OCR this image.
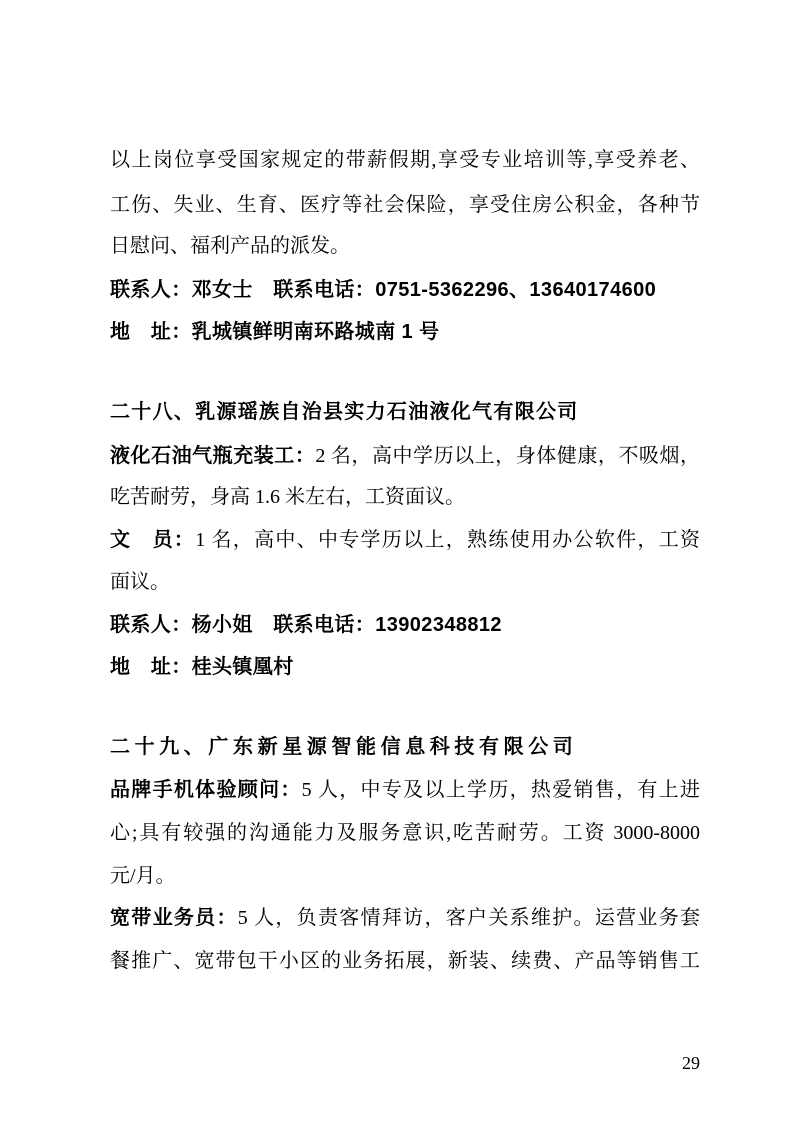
以上岗位享受国家规定的带薪假期,享受专业培训等,享受养老、
工伤、失业、生育、医疗等社会保险，享受住房公积金，各种节
日慰问、福利产品的派发。
联系人：邓女士　联系电话：0751-5362296、13640174600
地　址：乳城镇鲜明南环路城南 1 号
二十八、乳源瑶族自治县实力石油液化气有限公司
液化石油气瓶充装工：2 名，高中学历以上，身体健康，不吸烟，
吃苦耐劳，身高 1.6 米左右，工资面议。
文　员：1 名，高中、中专学历以上，熟练使用办公软件，工资
面议。
联系人：杨小姐　联系电话：13902348812
地　址：桂头镇凰村
二十九、广东新星源智能信息科技有限公司
品牌手机体验顾问：5 人，中专及以上学历，热爱销售，有上进
心;具有较强的沟通能力及服务意识,吃苦耐劳。工资 3000-8000
元/月。
宽带业务员：5 人，负责客情拜访，客户关系维护。运营业务套
餐推广、宽带包干小区的业务拓展，新装、续费、产品等销售工
29
